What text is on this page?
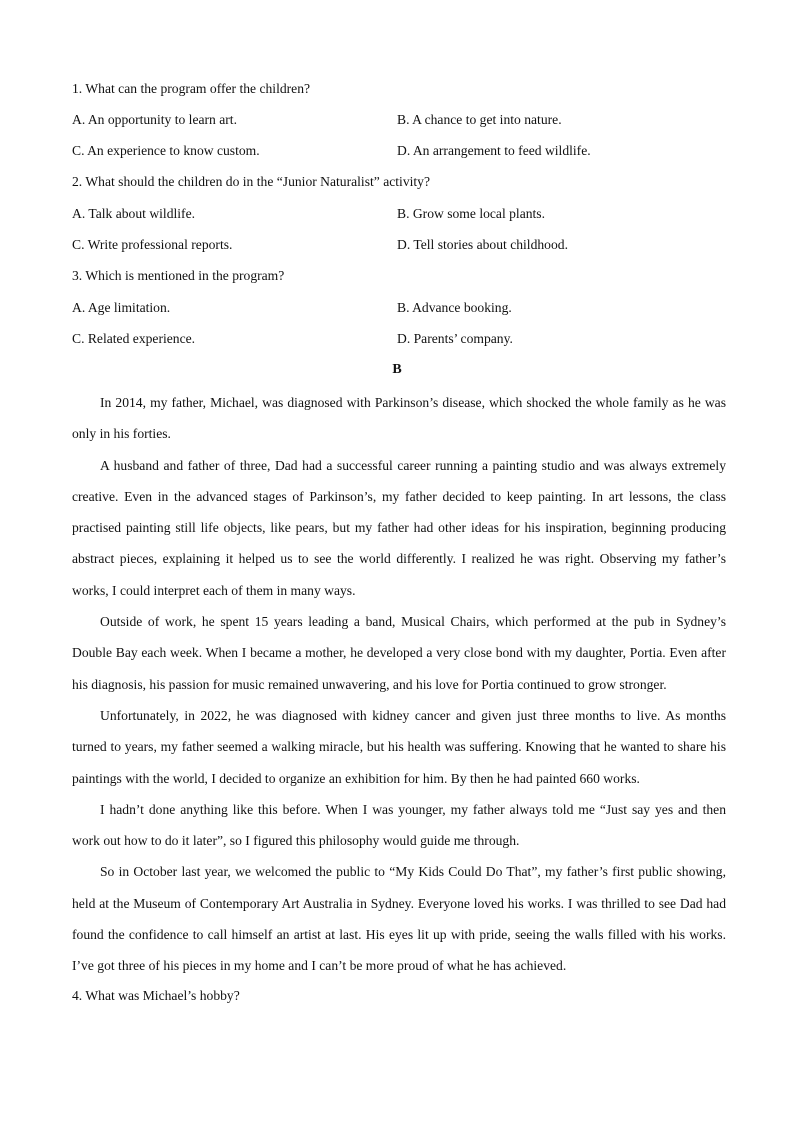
1. What can the program offer the children?
A. An opportunity to learn art.	B. A chance to get into nature.
C. An experience to know custom.	D. An arrangement to feed wildlife.
2. What should the children do in the “Junior Naturalist” activity?
A. Talk about wildlife.	B. Grow some local plants.
C. Write professional reports.	D. Tell stories about childhood.
3. Which is mentioned in the program?
A. Age limitation.	B. Advance booking.
C. Related experience.	D. Parents’ company.
B

In 2014, my father, Michael, was diagnosed with Parkinson’s disease, which shocked the whole family as he was only in his forties.

A husband and father of three, Dad had a successful career running a painting studio and was always extremely creative. Even in the advanced stages of Parkinson’s, my father decided to keep painting. In art lessons, the class practised painting still life objects, like pears, but my father had other ideas for his inspiration, beginning producing abstract pieces, explaining it helped us to see the world differently. I realized he was right. Observing my father’s works, I could interpret each of them in many ways.

Outside of work, he spent 15 years leading a band, Musical Chairs, which performed at the pub in Sydney’s Double Bay each week. When I became a mother, he developed a very close bond with my daughter, Portia. Even after his diagnosis, his passion for music remained unwavering, and his love for Portia continued to grow stronger.

Unfortunately, in 2022, he was diagnosed with kidney cancer and given just three months to live. As months turned to years, my father seemed a walking miracle, but his health was suffering. Knowing that he wanted to share his paintings with the world, I decided to organize an exhibition for him. By then he had painted 660 works.

I hadn’t done anything like this before. When I was younger, my father always told me “Just say yes and then work out how to do it later”, so I figured this philosophy would guide me through.

So in October last year, we welcomed the public to “My Kids Could Do That”, my father’s first public showing, held at the Museum of Contemporary Art Australia in Sydney. Everyone loved his works. I was thrilled to see Dad had found the confidence to call himself an artist at last. His eyes lit up with pride, seeing the walls filled with his works. I’ve got three of his pieces in my home and I can’t be more proud of what he has achieved.

4. What was Michael’s hobby?
